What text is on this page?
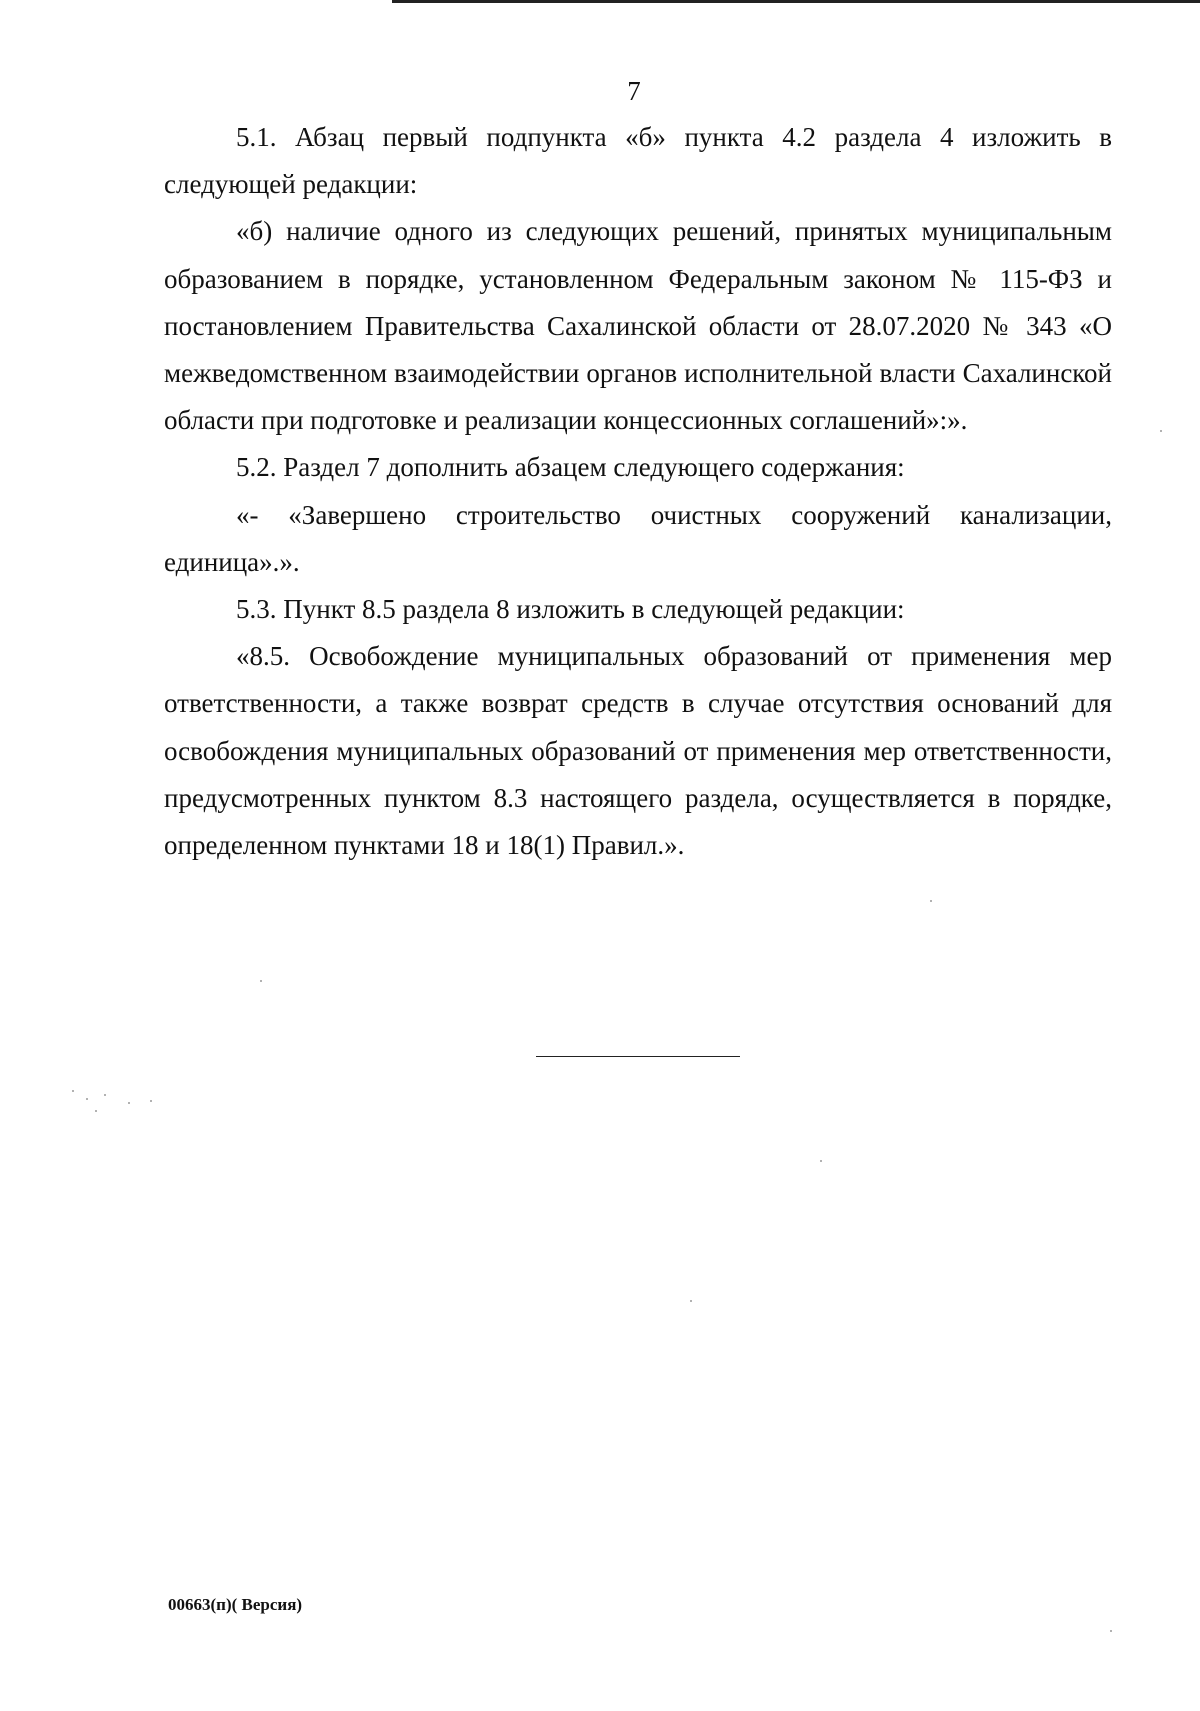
7

5.1. Абзац первый подпункта «б» пункта 4.2 раздела 4 изложить в следующей редакции:

«б) наличие одного из следующих решений, принятых муниципальным образованием в порядке, установленном Федеральным законом № 115-ФЗ и постановлением Правительства Сахалинской области от 28.07.2020 № 343 «О межведомственном взаимодействии органов исполнительной власти Сахалинской области при подготовке и реализации концессионных соглашений»:».

5.2. Раздел 7 дополнить абзацем следующего содержания:

«- «Завершено строительство очистных сооружений канализации, единица».».

5.3. Пункт 8.5 раздела 8 изложить в следующей редакции:

«8.5. Освобождение муниципальных образований от применения мер ответственности, а также возврат средств в случае отсутствия оснований для освобождения муниципальных образований от применения мер ответственности, предусмотренных пунктом 8.3 настоящего раздела, осуществляется в порядке, определенном пунктами 18 и 18(1) Правил.».

00663(п)( Версия)
